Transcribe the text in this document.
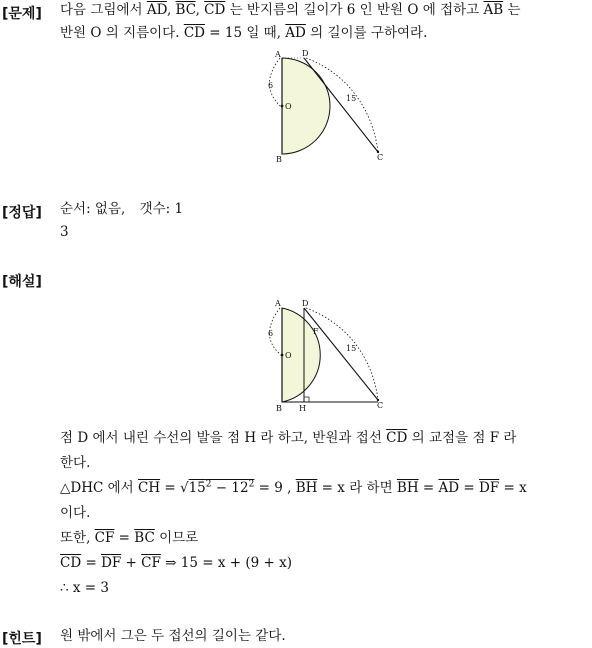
[문제] 다음 그림에서 $\overline{AD}$, $\overline{BC}$, $\overline{CD}$ 는 반지름의 길이가 6 인 반원 O 에 접하고 $\overline{AB}$ 는
반원 O 의 지름이다. $\overline{CD} = 15$ 일 때, $\overline{AD}$ 의 길이를 구하여라.
A	D
O
B	C
6
15
[정답] 순서: 없음, 갯수: 1
3
[해설]
A	D
F
O
B H	C
6
15
점 D 에서 내린 수선의 발을 점 H 라 하고, 반원과 접선 $\overline{CD}$ 의 교점을 점 F 라
한다.
△DHC 에서 $\overline{CH} = √15^2 - 12^2 = 9$ , $\overline{BH} = x$ 라 하면 $\overline{BH} = \overline{AD} = \overline{DF} = x$
이다.
또한, $\overline{CF} = \overline{BC}$ 이므로
$\overline{CD} = \overline{DF} + \overline{CF}$ ⇒ 15 = x + (9 + x)
∴ x = 3
[힌트] 원 밖에서 그은 두 접선의 길이는 같다.
